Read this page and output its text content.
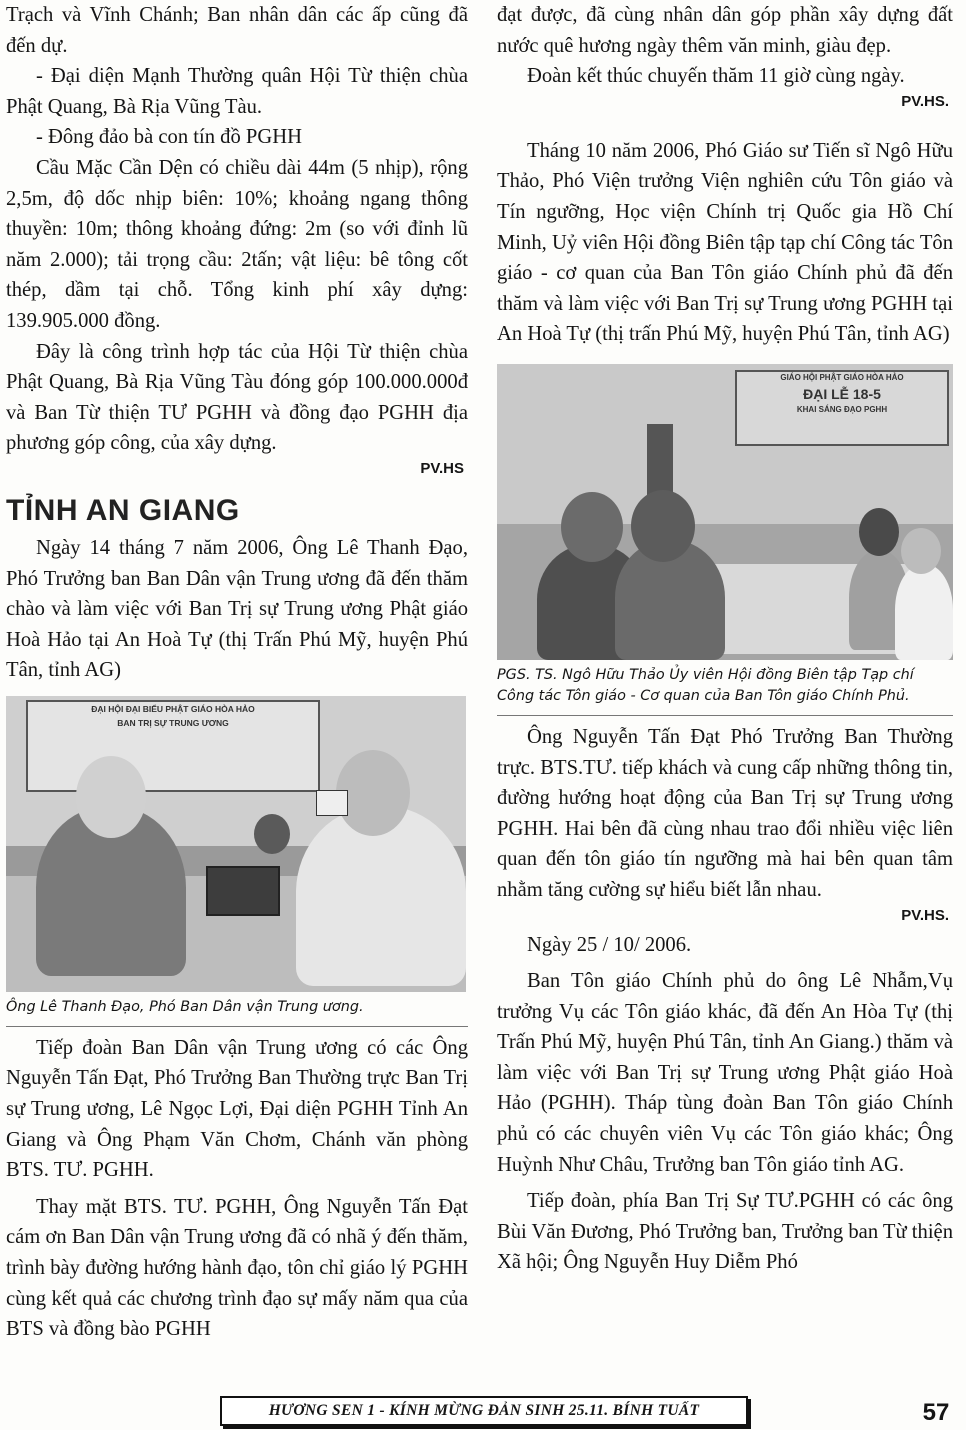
Trạch và Vĩnh Chánh; Ban nhân dân các ấp cũng đã đến dự.

- Đại diện Mạnh Thường quân Hội Từ thiện chùa Phật Quang, Bà Rịa Vũng Tàu.

- Đông đảo bà con tín đồ PGHH

Cầu Mặc Cần Dện có chiều dài 44m (5 nhịp), rộng 2,5m, độ dốc nhịp biên: 10%; khoảng ngang thông thuyền: 10m; thông khoảng đứng: 2m (so với đỉnh lũ năm 2.000); tải trọng cầu: 2tấn; vật liệu: bê tông cốt thép, dầm tại chỗ. Tổng kinh phí xây dựng: 139.905.000 đồng.

Đây là công trình hợp tác của Hội Từ thiện chùa Phật Quang, Bà Rịa Vũng Tàu đóng góp 100.000.000đ và Ban Từ thiện TƯ PGHH và đồng đạo PGHH địa phương góp công, của xây dựng.

PV.HS

TỈNH AN GIANG

Ngày 14 tháng 7 năm 2006, Ông Lê Thanh Đạo, Phó Trưởng ban Ban Dân vận Trung ương đã đến thăm chào và làm việc với Ban Trị sự Trung ương Phật giáo Hoà Hảo tại An Hoà Tự (thị Trấn Phú Mỹ, huyện Phú Tân, tỉnh AG)

ĐẠI HỘI ĐẠI BIỂU PHẬT GIÁO HÒA HẢO
BAN TRỊ SỰ TRUNG ƯƠNG

Ông Lê Thanh Đạo, Phó Ban Dân vận Trung ương.

Tiếp đoàn Ban Dân vận Trung ương có các Ông Nguyễn Tấn Đạt, Phó Trưởng Ban Thường trực Ban Trị sự Trung ương, Lê Ngọc Lợi, Đại diện PGHH Tỉnh An Giang và Ông Phạm Văn Chơm, Chánh văn phòng BTS. TƯ. PGHH.

Thay mặt BTS. TƯ. PGHH, Ông Nguyễn Tấn Đạt cám ơn Ban Dân vận Trung ương đã có nhã ý đến thăm, trình bày đường hướng hành đạo, tôn chỉ giáo lý PGHH cùng kết quả các chương trình đạo sự mấy năm qua của BTS và đồng bào PGHH

đạt được, đã cùng nhân dân góp phần xây dựng đất nước quê hương ngày thêm văn minh, giàu đẹp.

Đoàn kết thúc chuyến thăm 11 giờ cùng ngày.

PV.HS.

Tháng 10 năm 2006, Phó Giáo sư Tiến sĩ Ngô Hữu Thảo, Phó Viện trưởng Viện nghiên cứu Tôn giáo và Tín ngưỡng, Học viện Chính trị Quốc gia Hồ Chí Minh, Uỷ viên Hội đồng Biên tập tạp chí Công tác Tôn giáo - cơ quan của Ban Tôn giáo Chính phủ đã đến thăm và làm việc với Ban Trị sự Trung ương PGHH tại An Hoà Tự (thị trấn Phú Mỹ, huyện Phú Tân, tỉnh AG)

GIÁO HỘI PHẬT GIÁO HÒA HẢO
ĐẠI LỄ 18-5
KHAI SÁNG ĐẠO PGHH

PGS. TS. Ngô Hữu Thảo Ủy viên Hội đồng Biên tập Tạp chí Công tác Tôn giáo - Cơ quan của Ban Tôn giáo Chính Phủ.

Ông Nguyễn Tấn Đạt Phó Trưởng Ban Thường trực. BTS.TƯ. tiếp khách và cung cấp những thông tin, đường hướng hoạt động của Ban Trị sự Trung ương PGHH. Hai bên đã cùng nhau trao đổi nhiều việc liên quan đến tôn giáo tín ngưỡng mà hai bên quan tâm nhằm tăng cường sự hiểu biết lẫn nhau.

PV.HS.

Ngày 25 / 10/ 2006.

Ban Tôn giáo Chính phủ do ông Lê Nhẫm,Vụ trưởng Vụ các Tôn giáo khác, đã đến An Hòa Tự (thị Trấn Phú Mỹ, huyện Phú Tân, tỉnh An Giang.) thăm và làm việc với Ban Trị sự Trung ương Phật giáo Hoà Hảo (PGHH). Tháp tùng đoàn Ban Tôn giáo Chính phủ có các chuyên viên Vụ các Tôn giáo khác; Ông Huỳnh Như Châu, Trưởng ban Tôn giáo tỉnh AG.

Tiếp đoàn, phía Ban Trị Sự TƯ.PGHH có các ông Bùi Văn Đương, Phó Trưởng ban, Trưởng ban Từ thiện Xã hội; Ông Nguyễn Huy Diễm Phó

HƯƠNG SEN 1 - KÍNH MỪNG ĐẢN SINH 25.11. BÍNH TUẤT	57
